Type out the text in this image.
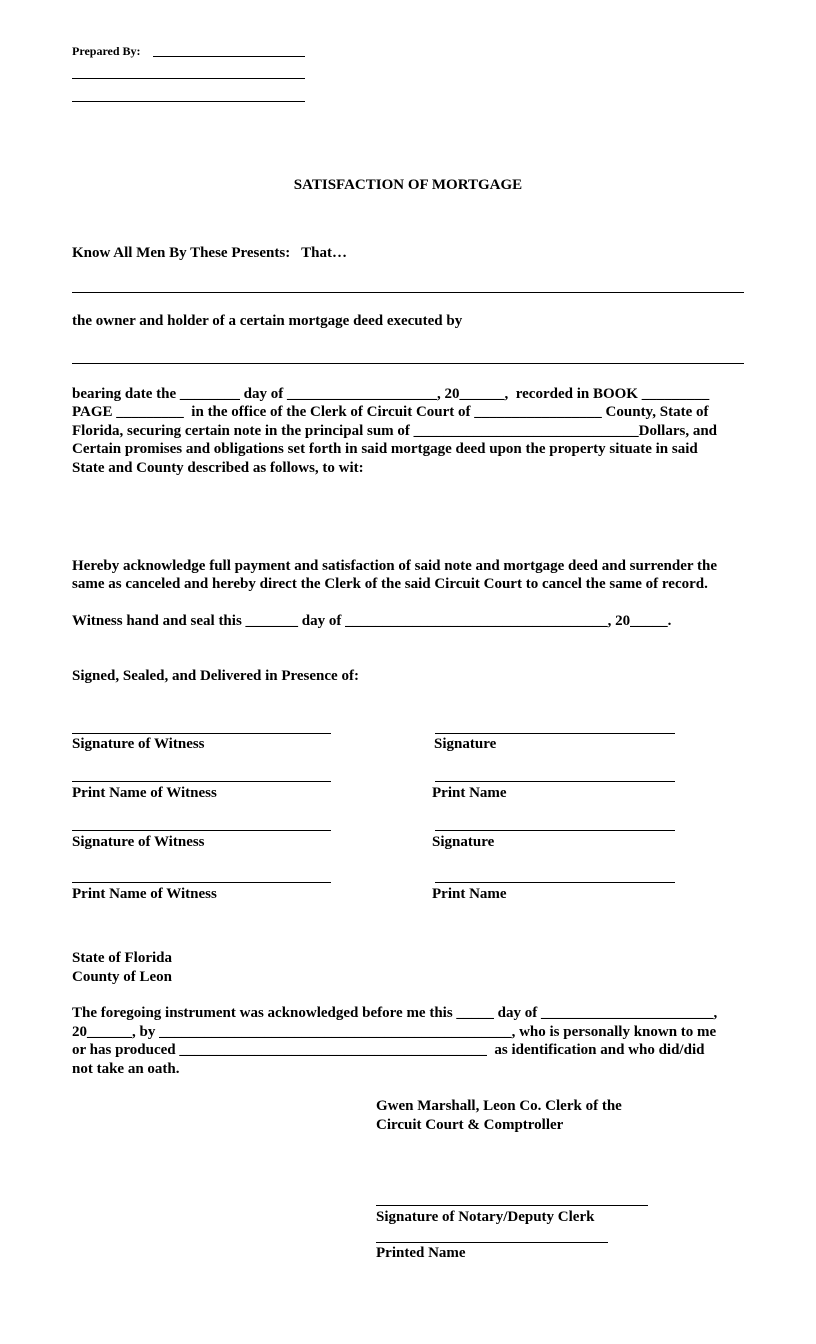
Prepared By:
SATISFACTION OF MORTGAGE
Know All Men By These Presents:   That…
the owner and holder of a certain mortgage deed executed by
bearing date the ________ day of ____________________, 20______,  recorded in BOOK _________
PAGE _________  in the office of the Clerk of Circuit Court of _________________ County, State of
Florida, securing certain note in the principal sum of ______________________________Dollars, and
Certain promises and obligations set forth in said mortgage deed upon the property situate in said
State and County described as follows, to wit:
Hereby acknowledge full payment and satisfaction of said note and mortgage deed and surrender the
same as canceled and hereby direct the Clerk of the said Circuit Court to cancel the same of record.
Witness hand and seal this _______ day of ___________________________________, 20_____.
Signed, Sealed, and Delivered in Presence of:
Signature of Witness
Print Name of Witness
Signature of Witness
Print Name of Witness
Signature
Print Name
Signature
Print Name
State of Florida
County of Leon
The foregoing instrument was acknowledged before me this _____ day of _______________________,
20______, by _______________________________________________, who is personally known to me
or has produced _________________________________________  as identification and who did/did
not take an oath.
Gwen Marshall, Leon Co. Clerk of the
Circuit Court & Comptroller
Signature of Notary/Deputy Clerk
Printed Name
